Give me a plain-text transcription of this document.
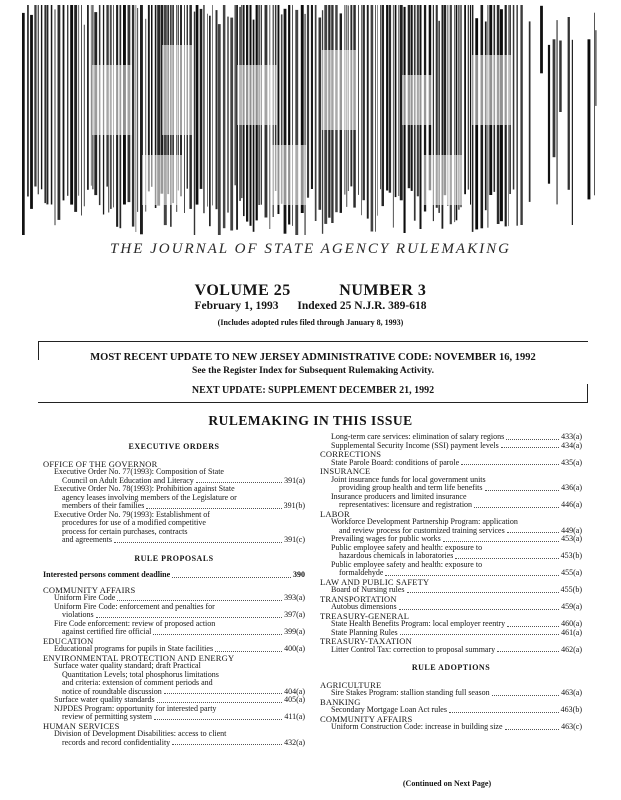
THE JOURNAL OF STATE AGENCY RULEMAKING
VOLUME 25	NUMBER 3
February 1, 1993 Indexed 25 N.J.R. 389-618
(Includes adopted rules filed through January 8, 1993)
MOST RECENT UPDATE TO NEW JERSEY ADMINISTRATIVE CODE: NOVEMBER 16, 1992
See the Register Index for Subsequent Rulemaking Activity.
NEXT UPDATE: SUPPLEMENT DECEMBER 21, 1992
RULEMAKING IN THIS ISSUE
EXECUTIVE ORDERS
OFFICE OF THE GOVERNOR
Executive Order No. 77(1993): Composition of State
Council on Adult Education and Literacy	391(a)
Executive Order No. 78(1993): Prohibition against State
agency leases involving members of the Legislature or
members of their families	391(b)
Executive Order No. 79(1993): Establishment of
procedures for use of a modified competitive
process for certain purchases, contracts
and agreements	391(c)
RULE PROPOSALS
Interested persons comment deadline	390
COMMUNITY AFFAIRS
Uniform Fire Code	393(a)
Uniform Fire Code: enforcement and penalties for
violations	397(a)
Fire Code enforcement: review of proposed action
against certified fire official	399(a)
EDUCATION
Educational programs for pupils in State facilities	400(a)
ENVIRONMENTAL PROTECTION AND ENERGY
Surface water quality standard; draft Practical
Quantitation Levels; total phosphorus limitations
and criteria: extension of comment periods and
notice of roundtable discussion	404(a)
Surface water quality standards	405(a)
NJPDES Program: opportunity for interested party
review of permitting system	411(a)
HUMAN SERVICES
Division of Development Disabilities: access to client
records and record confidentiality	432(a)
Long-term care services: elimination of salary regions	433(a)
Supplemental Security Income (SSI) payment levels	434(a)
CORRECTIONS
State Parole Board: conditions of parole	435(a)
INSURANCE
Joint insurance funds for local government units
providing group health and term life benefits	436(a)
Insurance producers and limited insurance
representatives: licensure and registration	446(a)
LABOR
Workforce Development Partnership Program: application
and review process for customized training services	449(a)
Prevailing wages for public works	453(a)
Public employee safety and health: exposure to
hazardous chemicals in laboratories	453(b)
Public employee safety and health: exposure to
formaldehyde	455(a)
LAW AND PUBLIC SAFETY
Board of Nursing rules	455(b)
TRANSPORTATION
Autobus dimensions	459(a)
TREASURY-GENERAL
State Health Benefits Program: local employer reentry	460(a)
State Planning Rules	461(a)
TREASURY-TAXATION
Litter Control Tax: correction to proposal summary	462(a)
RULE ADOPTIONS
AGRICULTURE
Sire Stakes Program: stallion standing full season	463(a)
BANKING
Secondary Mortgage Loan Act rules	463(b)
COMMUNITY AFFAIRS
Uniform Construction Code: increase in building size	463(c)
(Continued on Next Page)
